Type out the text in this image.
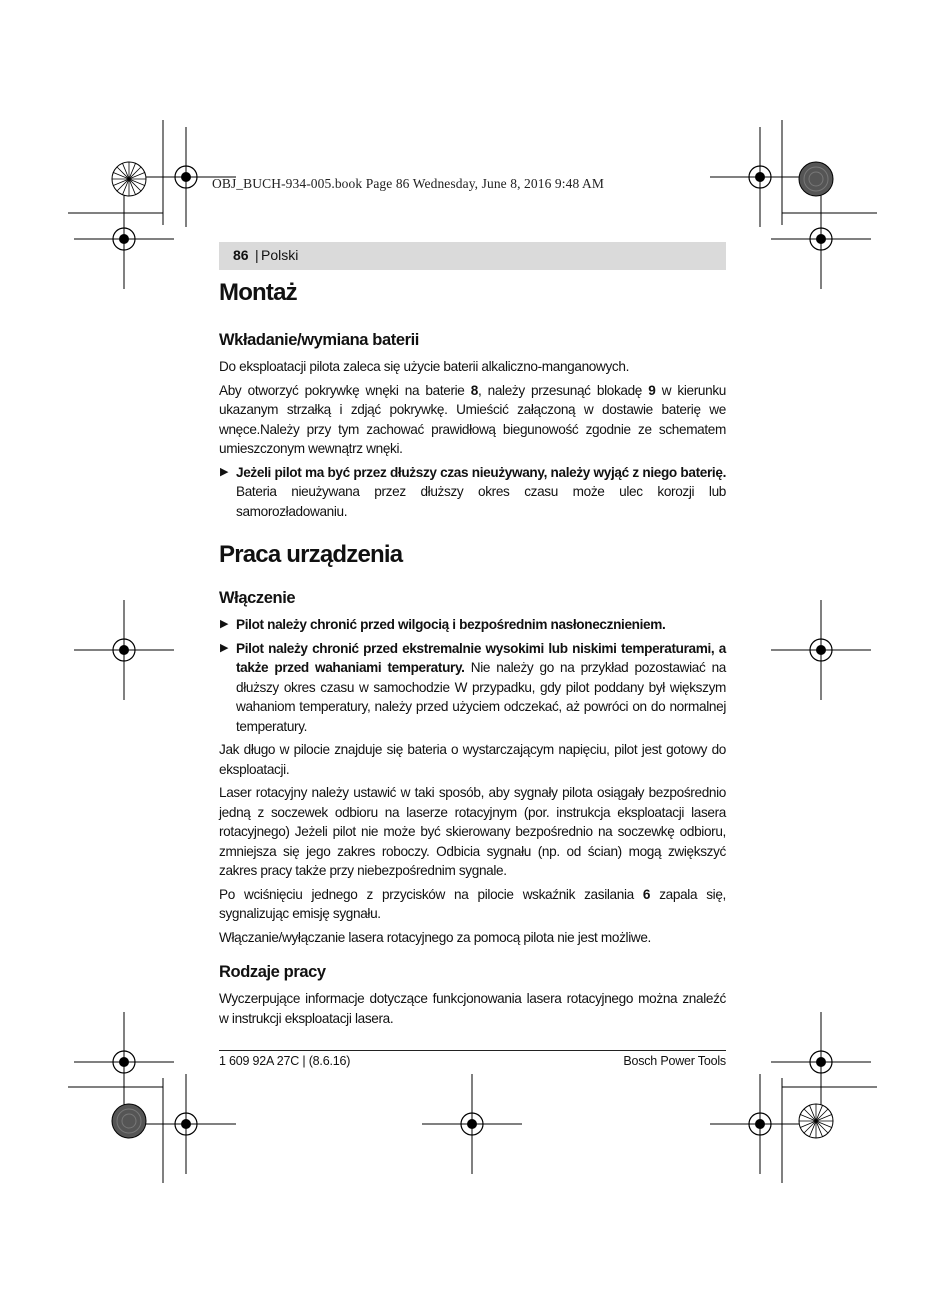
OBJ_BUCH-934-005.book Page 86 Wednesday, June 8, 2016 9:48 AM
86 | Polski
Montaż
Wkładanie/wymiana baterii
Do eksploatacji pilota zaleca się użycie baterii alkaliczno-manganowych.
Aby otworzyć pokrywkę wnęki na baterie 8, należy przesunąć blokadę 9 w kierunku ukazanym strzałką i zdjąć pokrywkę. Umieścić załączoną w dostawie baterię we wnęce.Należy przy tym zachować prawidłową biegunowość zgodnie ze schematem umieszczonym wewnątrz wnęki.
▶ Jeżeli pilot ma być przez dłuższy czas nieużywany, należy wyjąć z niego baterię. Bateria nieużywana przez dłuższy okres czasu może ulec korozji lub samorozładowaniu.
Praca urządzenia
Włączenie
▶ Pilot należy chronić przed wilgocią i bezpośrednim nasłonecznieniem.
▶ Pilot należy chronić przed ekstremalnie wysokimi lub niskimi temperaturami, a także przed wahaniami temperatury. Nie należy go na przykład pozostawiać na dłuższy okres czasu w samochodzie W przypadku, gdy pilot poddany był większym wahaniom temperatury, należy przed użyciem odczekać, aż powróci on do normalnej temperatury.
Jak długo w pilocie znajduje się bateria o wystarczającym napięciu, pilot jest gotowy do eksploatacji.
Laser rotacyjny należy ustawić w taki sposób, aby sygnały pilota osiągały bezpośrednio jedną z soczewek odbioru na laserze rotacyjnym (por. instrukcja eksploatacji lasera rotacyjnego) Jeżeli pilot nie może być skierowany bezpośrednio na soczewkę odbioru, zmniejsza się jego zakres roboczy. Odbicia sygnału (np. od ścian) mogą zwiększyć zakres pracy także przy niebezpośrednim sygnale.
Po wciśnięciu jednego z przycisków na pilocie wskaźnik zasilania 6 zapala się, sygnalizując emisję sygnału.
Włączanie/wyłączanie lasera rotacyjnego za pomocą pilota nie jest możliwe.
Rodzaje pracy
Wyczerpujące informacje dotyczące funkcjonowania lasera rotacyjnego można znaleźć w instrukcji eksploatacji lasera.
1 609 92A 27C | (8.6.16)	Bosch Power Tools
